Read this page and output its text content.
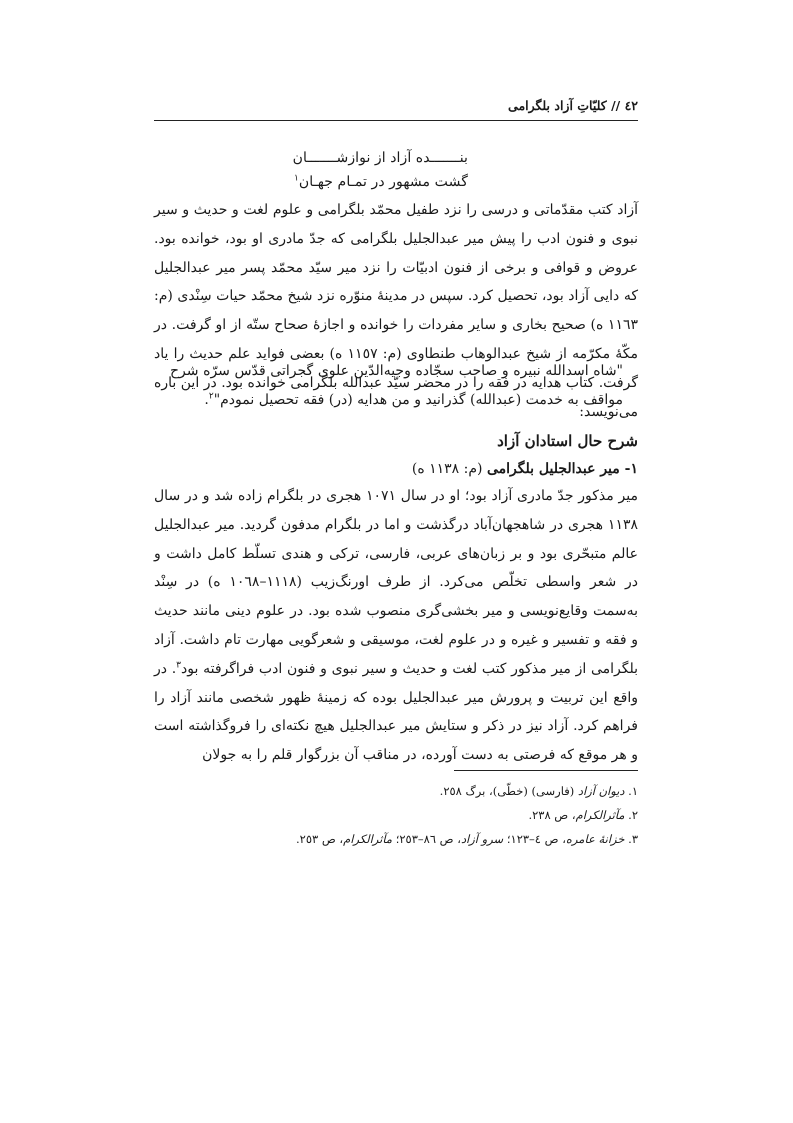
٤٢ // کلیّاتِ آزاد بلگرامی
بنـــــــده آزاد از نوازشـــــــان
گشت مشهور در تمـام جهـان$^١$
آزاد کتب مقدّماتی و درسی را نزد طفیل محمّد بلگرامی و علوم لغت و حدیث و سیر نبوی و فنون ادب را پیش میر عبدالجلیل بلگرامی که جدّ مادری او بود، خوانده بود. عروض و قوافی و برخی از فنون ادبیّات را نزد میر سیّد محمّد پسر میر عبدالجلیل که دایی آزاد بود، تحصیل کرد. سپس در مدینهٔ منوّره نزد شیخ محمّد حیات سِنْدی (م: ١١٦٣ ه) صحیح بخاری و سایر مفردات را خوانده و اجازهٔ صحاح ستّه از او گرفت. در مکّهٔ مکرّمه از شیخ عبدالوهاب طنطاوی (م: ١١٥٧ ه) بعضی فواید علم حدیث را یاد گرفت. کتاب هدایه در فقه را در محضر سیّد عبدالله بلگرامی خوانده بود. در این باره می‌نویسد:
"شاه اسدالله نبیره و صاحب سجّاده وجیه‌الدّین علوی گجراتی قدّس سرّه شرح مواقف به خدمت (عبدالله) گذرانید و من هدایه (در) فقه تحصیل نمودم"$^٢$.
شرح حال استادان آزاد
١- میر عبدالجلیل بلگرامی (م: ١١٣٨ ه)
میر مذکور جدّ مادری آزاد بود؛ او در سال ١٠٧١ هجری در بلگرام زاده شد و در سال ١١٣٨ هجری در شاهجهان‌آباد درگذشت و اما در بلگرام مدفون گردید. میر عبدالجلیل عالم متبحّری بود و بر زبان‌های عربی، فارسی، ترکی و هندی تسلّط کامل داشت و در شعر واسطی تخلّص می‌کرد. از طرف اورنگ‌زیب (١١١٨–١٠٦٨ ه) در سِنْد به‌سمت وقایع‌نویسی و میر بخشی‌گری منصوب شده بود. در علوم دینی مانند حدیث و فقه و تفسیر و غیره و در علوم لغت، موسیقی و شعرگویی مهارت تام داشت. آزاد بلگرامی از میر مذکور کتب لغت و حدیث و سیر نبوی و فنون ادب فراگرفته بود$^٣$. در واقع این تربیت و پرورش میر عبدالجلیل بوده که زمینهٔ ظهور شخصی مانند آزاد را فراهم کرد. آزاد نیز در ذکر و ستایش میر عبدالجلیل هیچ نکته‌ای را فروگذاشته است و هر موقع که فرصتی به دست آورده، در مناقب آن بزرگوار قلم را به جولان
١. دیوان آزاد (فارسی) (خطّی)، برگ ٢٥٨.
٢. مآثرالکرام، ص ٢٣٨.
٣. خزانهٔ عامره، ص ٤–١٢٣؛ سرو آزاد، ص ٨٦–٢٥٣؛ مآثرالکرام، ص ٢٥٣.
